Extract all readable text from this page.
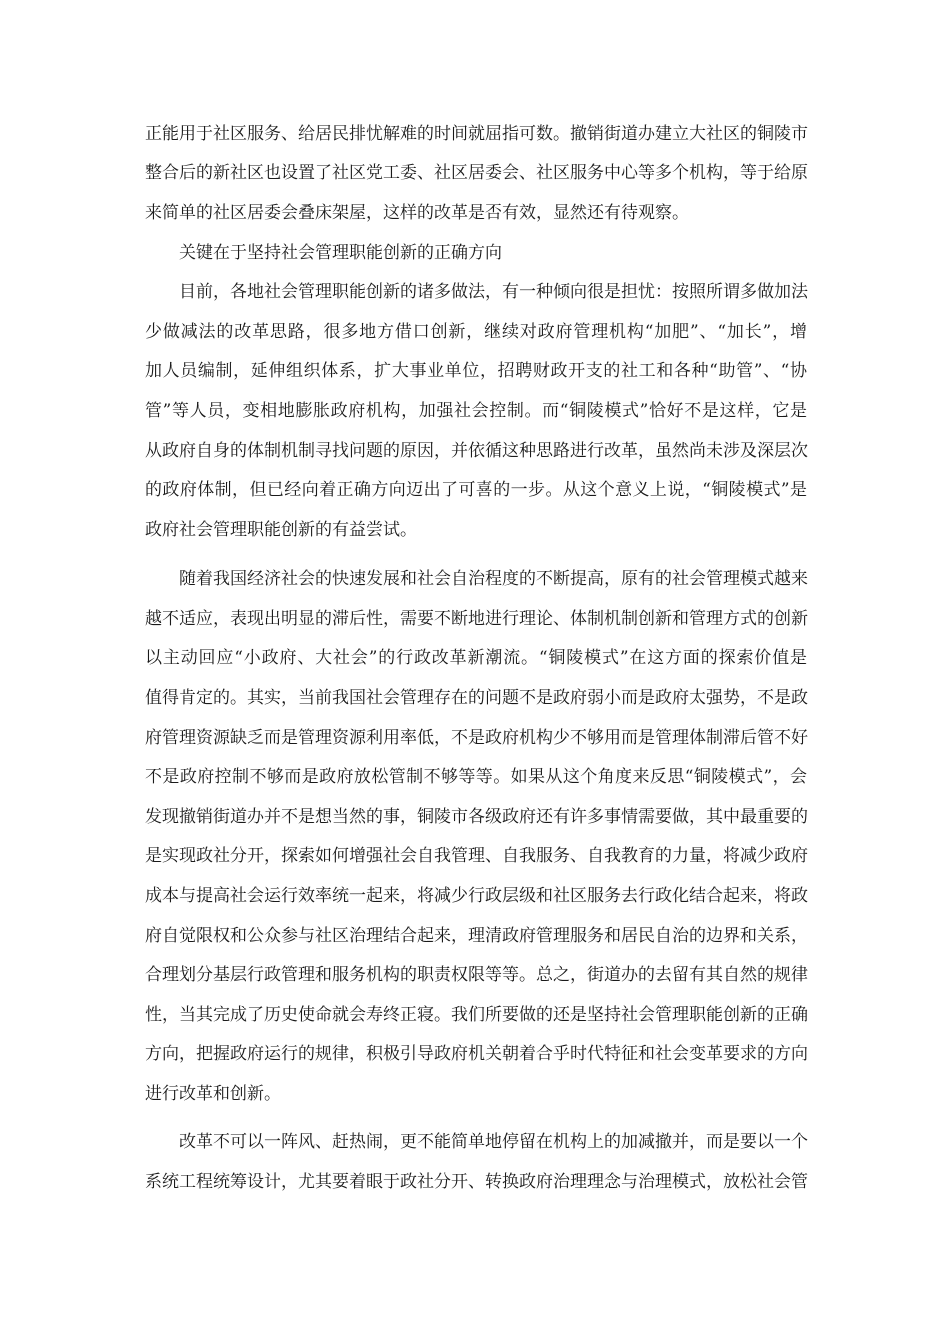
正能用于社区服务、给居民排忧解难的时间就屈指可数。撤销街道办建立大社区的铜陵市
整合后的新社区也设置了社区党工委、社区居委会、社区服务中心等多个机构，等于给原
来简单的社区居委会叠床架屋，这样的改革是否有效，显然还有待观察。
关键在于坚持社会管理职能创新的正确方向
目前，各地社会管理职能创新的诸多做法，有一种倾向很是担忧：按照所谓多做加法
少做减法的改革思路，很多地方借口创新，继续对政府管理机构“加肥”、“加长”，增
加人员编制，延伸组织体系，扩大事业单位，招聘财政开支的社工和各种“助管”、“协
管”等人员，变相地膨胀政府机构，加强社会控制。而“铜陵模式”恰好不是这样，它是
从政府自身的体制机制寻找问题的原因，并依循这种思路进行改革，虽然尚未涉及深层次
的政府体制，但已经向着正确方向迈出了可喜的一步。从这个意义上说，“铜陵模式”是
政府社会管理职能创新的有益尝试。
随着我国经济社会的快速发展和社会自治程度的不断提高，原有的社会管理模式越来
越不适应，表现出明显的滞后性，需要不断地进行理论、体制机制创新和管理方式的创新
以主动回应“小政府、大社会”的行政改革新潮流。“铜陵模式”在这方面的探索价值是
值得肯定的。其实，当前我国社会管理存在的问题不是政府弱小而是政府太强势，不是政
府管理资源缺乏而是管理资源利用率低，不是政府机构少不够用而是管理体制滞后管不好
不是政府控制不够而是政府放松管制不够等等。如果从这个角度来反思“铜陵模式”，会
发现撤销街道办并不是想当然的事，铜陵市各级政府还有许多事情需要做，其中最重要的
是实现政社分开，探索如何增强社会自我管理、自我服务、自我教育的力量，将减少政府
成本与提高社会运行效率统一起来，将减少行政层级和社区服务去行政化结合起来，将政
府自觉限权和公众参与社区治理结合起来，理清政府管理服务和居民自治的边界和关系，
合理划分基层行政管理和服务机构的职责权限等等。总之，街道办的去留有其自然的规律
性，当其完成了历史使命就会寿终正寝。我们所要做的还是坚持社会管理职能创新的正确
方向，把握政府运行的规律，积极引导政府机关朝着合乎时代特征和社会变革要求的方向
进行改革和创新。
改革不可以一阵风、赶热闹，更不能简单地停留在机构上的加减撤并，而是要以一个
系统工程统筹设计，尤其要着眼于政社分开、转换政府治理理念与治理模式，放松社会管
